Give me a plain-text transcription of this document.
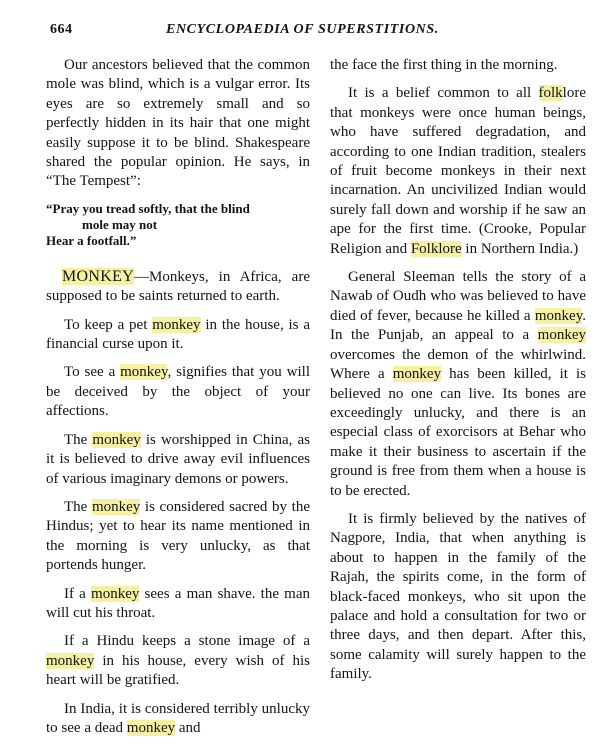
664	ENCYCLOPAEDIA OF SUPERSTITIONS.

Our ancestors believed that the common mole was blind, which is a vulgar error. Its eyes are so extremely small and so perfectly hidden in its hair that one might easily suppose it to be blind. Shakespeare shared the popular opinion. He says, in “The Tempest”:

“Pray you tread softly, that the blind
mole may not
Hear a footfall.”

MONKEY—Monkeys, in Africa, are supposed to be saints returned to earth.

To keep a pet monkey in the house, is a financial curse upon it.

To see a monkey, signifies that you will be deceived by the object of your affections.

The monkey is worshipped in China, as it is believed to drive away evil influences of various imaginary demons or powers.

The monkey is considered sacred by the Hindus; yet to hear its name mentioned in the morning is very unlucky, as that portends hunger.

If a monkey sees a man shave. the man will cut his throat.

If a Hindu keeps a stone image of a monkey in his house, every wish of his heart will be gratified.

In India, it is considered terribly unlucky to see a dead monkey and

the face the first thing in the morning.

It is a belief common to all folklore that monkeys were once human beings, who have suffered degradation, and according to one Indian tradition, stealers of fruit become monkeys in their next incarnation. An uncivilized Indian would surely fall down and worship if he saw an ape for the first time. (Crooke, Popular Religion and Folklore in Northern India.)

General Sleeman tells the story of a Nawab of Oudh who was believed to have died of fever, because he killed a monkey. In the Punjab, an appeal to a monkey overcomes the demon of the whirlwind. Where a monkey has been killed, it is believed no one can live. Its bones are exceedingly unlucky, and there is an especial class of exorcisors at Behar who make it their business to ascertain if the ground is free from them when a house is to be erected.

It is firmly believed by the natives of Nagpore, India, that when anything is about to happen in the family of the Rajah, the spirits come, in the form of black-faced monkeys, who sit upon the palace and hold a consultation for two or three days, and then depart. After this, some calamity will surely happen to the family.
